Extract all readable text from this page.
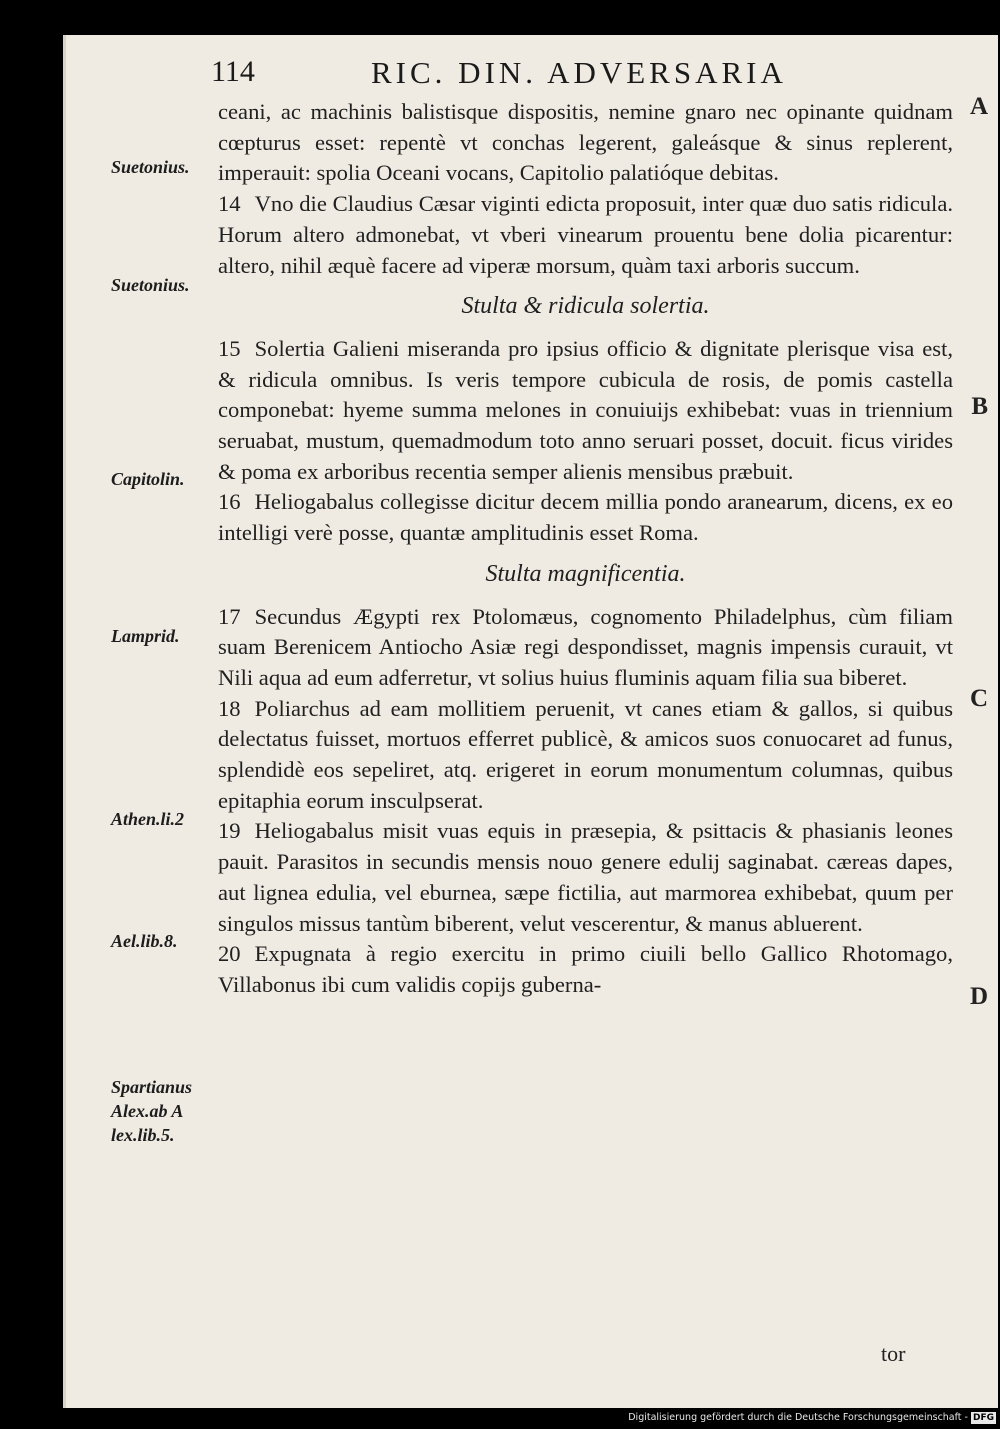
114	RIC. DIN. ADVERSARIA
Suetonius.
Suetonius.
Capitolin.
Lamprid.
Athen.li.2
Ael.lib.8.
Spartianus
Alex.ab A
lex.lib.5.
A
B
C
D

ceani, ac machinis balistisque dispositis, nemine gnaro nec opinante quidnam cœpturus esset: repentè vt conchas legerent, galeásque & sinus replerent, imperauit: spolia Oceani vocans, Capitolio palatióque debitas.

14 Vno die Claudius Cæsar viginti edicta proposuit, inter quæ duo satis ridicula. Horum altero admonebat, vt vberi vinearum prouentu bene dolia picarentur: altero, nihil æquè facere ad viperæ morsum, quàm taxi arboris succum.

Stulta & ridicula solertia.

15 Solertia Galieni miseranda pro ipsius officio & dignitate plerisque visa est, & ridicula omnibus. Is veris tempore cubicula de rosis, de pomis castella componebat: hyeme summa melones in conuiuijs exhibebat: vuas in triennium seruabat, mustum, quemadmodum toto anno seruari posset, docuit. ficus virides & poma ex arboribus recentia semper alienis mensibus præbuit.

16 Heliogabalus collegisse dicitur decem millia pondo aranearum, dicens, ex eo intelligi verè posse, quantæ amplitudinis esset Roma.

Stulta magnificentia.

17 Secundus Ægypti rex Ptolomæus, cognomento Philadelphus, cùm filiam suam Berenicem Antiocho Asiæ regi despondisset, magnis impensis curauit, vt Nili aqua ad eum adferretur, vt solius huius fluminis aquam filia sua biberet.

18 Poliarchus ad eam mollitiem peruenit, vt canes etiam & gallos, si quibus delectatus fuisset, mortuos efferret publicè, & amicos suos conuocaret ad funus, splendidè eos sepeliret, atq. erigeret in eorum monumentum columnas, quibus epitaphia eorum insculpserat.

19 Heliogabalus misit vuas equis in præsepia, & psittacis & phasianis leones pauit. Parasitos in secundis mensis nouo genere edulij saginabat. cæreas dapes, aut lignea edulia, vel eburnea, sæpe fictilia, aut marmorea exhibebat, quum per singulos missus tantùm biberent, velut vescerentur, & manus abluerent.

20 Expugnata à regio exercitu in primo ciuili bello Gallico Rhotomago, Villabonus ibi cum validis copijs guberna-

tor
Digitalisierung gefördert durch die Deutsche Forschungsgemeinschaft - DFG
